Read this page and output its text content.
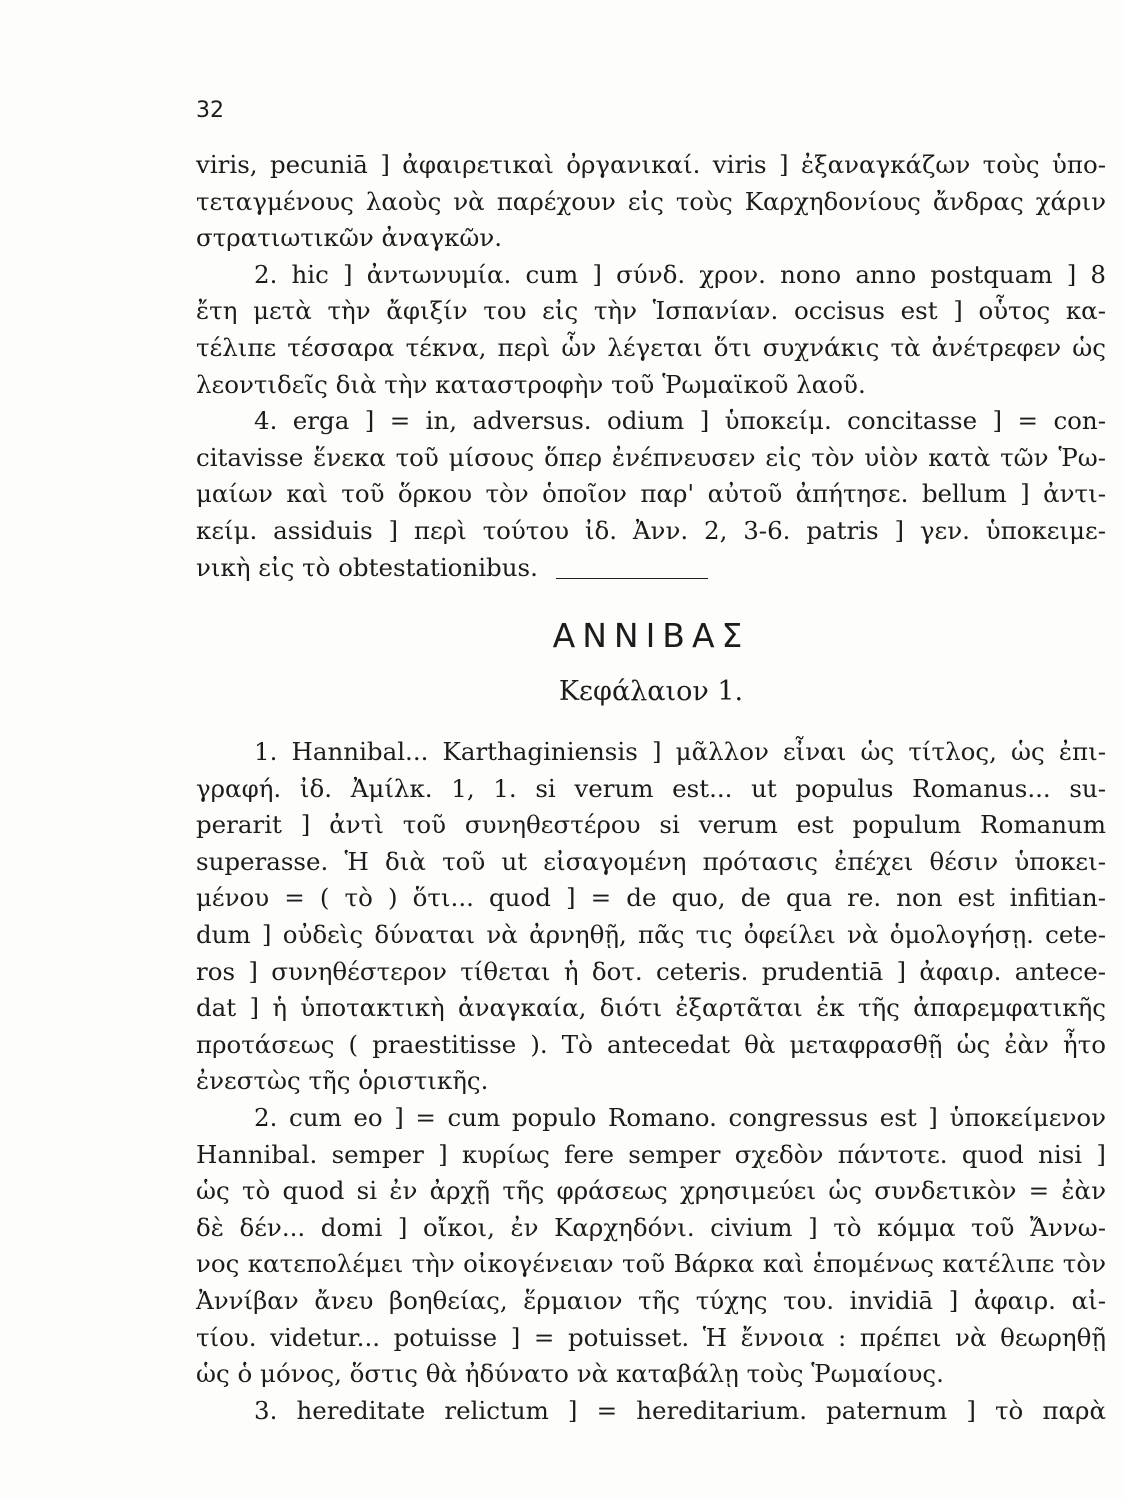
32
viris, pecuniā ] ἀφαιρετικαὶ ὀργανικαί. viris ] ἐξαναγκάζων τοὺς ὑπο-
τεταγμένους λαοὺς νὰ παρέχουν εἰς τοὺς Καρχηδονίους ἄνδρας χάριν
στρατιωτικῶν ἀναγκῶν.
2. hic ] ἀντωνυμία. cum ] σύνδ. χρον. nono anno postquam ] 8
ἔτη μετὰ τὴν ἄφιξίν του εἰς τὴν Ἱσπανίαν. occisus est ] οὗτος κα-
τέλιπε τέσσαρα τέκνα, περὶ ὧν λέγεται ὅτι συχνάκις τὰ ἀνέτρεφεν ὡς
λεοντιδεῖς διὰ τὴν καταστροφὴν τοῦ Ῥωμαϊκοῦ λαοῦ.
4. erga ] = in, adversus. odium ] ὑποκείμ. concitasse ] = con-
citavisse ἕνεκα τοῦ μίσους ὅπερ ἐνέπνευσεν εἰς τὸν υἱὸν κατὰ τῶν Ῥω-
μαίων καὶ τοῦ ὅρκου τὸν ὁποῖον παρ' αὐτοῦ ἀπήτησε. bellum ] ἀντι-
κείμ. assiduis ] περὶ τούτου ἰδ. Ἀνν. 2, 3-6. patris ] γεν. ὑποκειμε-
νικὴ εἰς τὸ obtestationibus.
ΑΝΝΙΒΑΣ
Κεφάλαιον 1.
1. Hannibal... Karthaginiensis ] μᾶλλον εἶναι ὡς τίτλος, ὡς ἐπι-
γραφή. ἰδ. Ἀμίλκ. 1, 1. si verum est... ut populus Romanus... su-
perarit ] ἀντὶ τοῦ συνηθεστέρου si verum est populum Romanum
superasse. Ἡ διὰ τοῦ ut εἰσαγομένη πρότασις ἐπέχει θέσιν ὑποκει-
μένου = ( τὸ ) ὅτι... quod ] = de quo, de qua re. non est infitian-
dum ] οὐδεὶς δύναται νὰ ἀρνηθῇ, πᾶς τις ὀφείλει νὰ ὁμολογήσῃ. cete-
ros ] συνηθέστερον τίθεται ἡ δοτ. ceteris. prudentiā ] ἀφαιρ. antece-
dat ] ἡ ὑποτακτικὴ ἀναγκαία, διότι ἐξαρτᾶται ἐκ τῆς ἀπαρεμφατικῆς
προτάσεως ( praestitisse ). Τὸ antecedat θὰ μεταφρασθῇ ὡς ἐὰν ἦτο
ἐνεστὼς τῆς ὁριστικῆς.
2. cum eo ] = cum populo Romano. congressus est ] ὑποκείμενον
Hannibal. semper ] κυρίως fere semper σχεδὸν πάντοτε. quod nisi ]
ὡς τὸ quod si ἐν ἀρχῇ τῆς φράσεως χρησιμεύει ὡς συνδετικὸν = ἐὰν
δὲ δέν... domi ] οἴκοι, ἐν Καρχηδόνι. civium ] τὸ κόμμα τοῦ Ἄννω-
νος κατεπολέμει τὴν οἰκογένειαν τοῦ Βάρκα καὶ ἑπομένως κατέλιπε τὸν
Ἀννίβαν ἄνευ βοηθείας, ἕρμαιον τῆς τύχης του. invidiā ] ἀφαιρ. αἰ-
τίου. videtur... potuisse ] = potuisset. Ἡ ἔννοια : πρέπει νὰ θεωρηθῇ
ὡς ὁ μόνος, ὅστις θὰ ἠδύνατο νὰ καταβάλῃ τοὺς Ῥωμαίους.
3. hereditate relictum ] = hereditarium. paternum ] τὸ παρὰ
